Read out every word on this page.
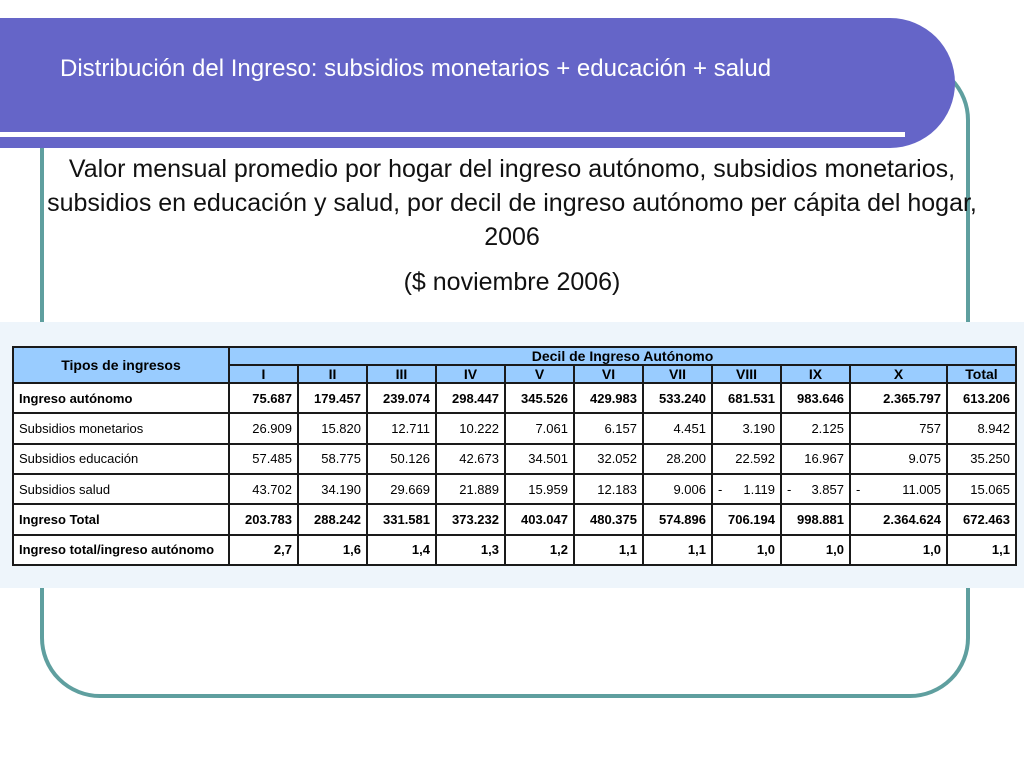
Distribución del Ingreso: subsidios monetarios + educación + salud
Valor mensual promedio por hogar del ingreso autónomo, subsidios monetarios, subsidios en educación y salud, por decil de ingreso autónomo per cápita del hogar, 2006
($ noviembre 2006)
Tipos de ingresos	Decil de Ingreso Autónomo										
	I	II	III	IV	V	VI	VII	VIII	IX	X	Total
Ingreso autónomo	75.687	179.457	239.074	298.447	345.526	429.983	533.240	681.531	983.646	2.365.797	613.206
Subsidios monetarios	26.909	15.820	12.711	10.222	7.061	6.157	4.451	3.190	2.125	757	8.942
Subsidios educación	57.485	58.775	50.126	42.673	34.501	32.052	28.200	22.592	16.967	9.075	35.250
Subsidios salud	43.702	34.190	29.669	21.889	15.959	12.183	9.006	- 1.119	- 3.857	- 11.005	15.065
Ingreso Total	203.783	288.242	331.581	373.232	403.047	480.375	574.896	706.194	998.881	2.364.624	672.463
Ingreso total/ingreso autónomo	2,7	1,6	1,4	1,3	1,2	1,1	1,1	1,0	1,0	1,0	1,1
